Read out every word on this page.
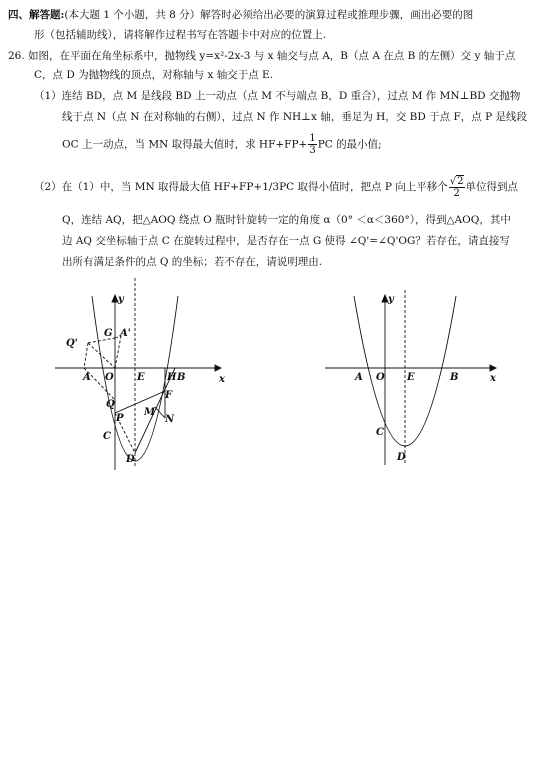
四、解答题:(本大题 1 个小题，共 8 分）解答时必须给出必要的演算过程或推理步骤，画出必要的图
形（包括辅助线），请将解作过程书写在答题卡中对应的位置上.
26. 如图，在平面在角坐标系中，抛物线 y=x²-2x-3 与 x 轴交与点 A，B（点 A 在点 B 的左侧）交 y 轴于点
C，点 D 为抛物线的顶点，对称轴与 x 轴交于点 E.
（1）连结 BD，点 M 是线段 BD 上一动点（点 M 不与端点 B，D 重合），过点 M 作 MN⊥BD 交抛物
线于点 N（点 N 在对称轴的右侧），过点 N 作 NH⊥x 轴，垂足为 H，交 BD 于点 F，点 P 是线段
OC 上一动点，当 MN 取得最大值时，求 $HF+FP+ \frac{1}{3}$ PC 的最小值;
（2）在（1）中，当 MN 取得最大值 HF+FP+1/3PC 取得小值时，把点 P 向上平移个 $\frac{√2}{2}$ 单位得到点
Q，连结 AQ，把△AOQ 绕点 O 瓶时针旋转一定的角度 α（0° ＜α＜360°），得到△AOQ，其中
边 AQ 交坐标轴于点 C 在旋转过程中，是否存在一点 G 使得 ∠Q'=∠Q'OG？若存在，请直接写
出所有满足条件的点 Q 的坐标；若不存在，请说明理由.
y
x
G A'
Q'
A O E H B
F
Q
P
M
N
C
D
y
x
A O E	B
C
D
